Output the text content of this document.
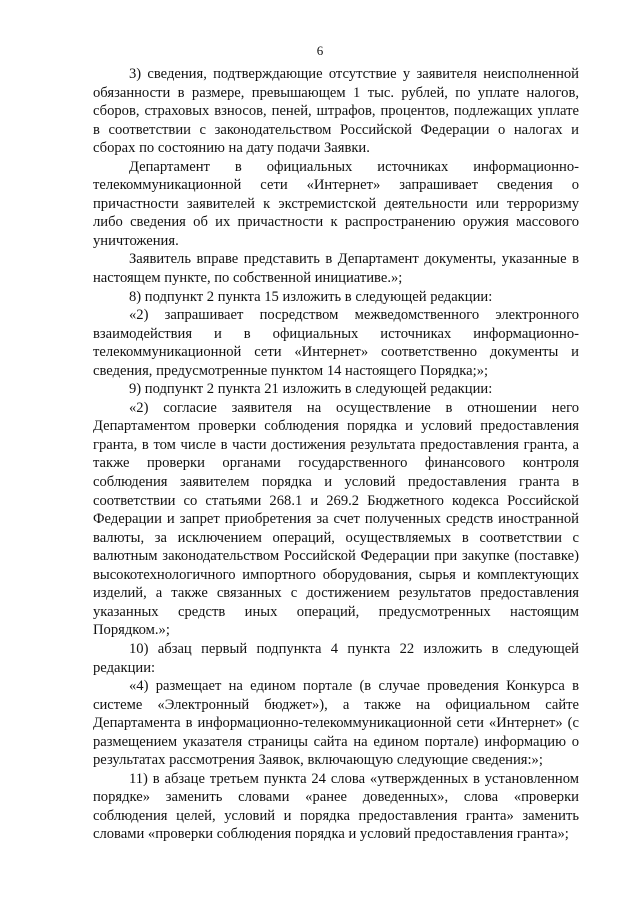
6

3) сведения, подтверждающие отсутствие у заявителя неисполненной обязанности в размере, превышающем 1 тыс. рублей, по уплате налогов, сборов, страховых взносов, пеней, штрафов, процентов, подлежащих уплате в соответствии с законодательством Российской Федерации о налогах и сборах по состоянию на дату подачи Заявки.

Департамент в официальных источниках информационно-телекоммуникационной сети «Интернет» запрашивает сведения о причастности заявителей к экстремистской деятельности или терроризму либо сведения об их причастности к распространению оружия массового уничтожения.

Заявитель вправе представить в Департамент документы, указанные в настоящем пункте, по собственной инициативе.»;

8) подпункт 2 пункта 15 изложить в следующей редакции:

«2) запрашивает посредством межведомственного электронного взаимодействия и в официальных источниках информационно-телекоммуникационной сети «Интернет» соответственно документы и сведения, предусмотренные пунктом 14 настоящего Порядка;»;

9) подпункт 2 пункта 21 изложить в следующей редакции:

«2) согласие заявителя на осуществление в отношении него Департаментом проверки соблюдения порядка и условий предоставления гранта, в том числе в части достижения результата предоставления гранта, а также проверки органами государственного финансового контроля соблюдения заявителем порядка и условий предоставления гранта в соответствии со статьями 268.1 и 269.2 Бюджетного кодекса Российской Федерации и запрет приобретения за счет полученных средств иностранной валюты, за исключением операций, осуществляемых в соответствии с валютным законодательством Российской Федерации при закупке (поставке) высокотехнологичного импортного оборудования, сырья и комплектующих изделий, а также связанных с достижением результатов предоставления указанных средств иных операций, предусмотренных настоящим Порядком.»;

10) абзац первый подпункта 4 пункта 22 изложить в следующей редакции:

«4) размещает на едином портале (в случае проведения Конкурса в системе «Электронный бюджет»), а также на официальном сайте Департамента в информационно-телекоммуникационной сети «Интернет» (с размещением указателя страницы сайта на едином портале) информацию о результатах рассмотрения Заявок, включающую следующие сведения:»;

11) в абзаце третьем пункта 24 слова «утвержденных в установленном порядке» заменить словами «ранее доведенных», слова «проверки соблюдения целей, условий и порядка предоставления гранта» заменить словами «проверки соблюдения порядка и условий предоставления гранта»;
